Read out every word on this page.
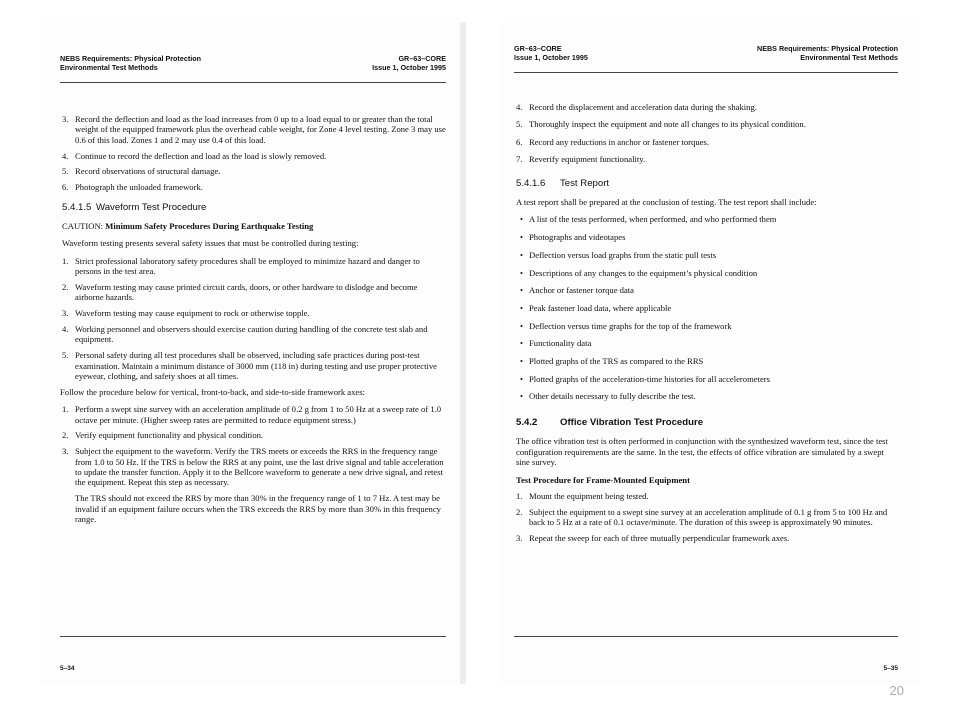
NEBS Requirements: Physical Protection
Environmental Test Methods
GR–63–CORE
Issue 1, October 1995
3. Record the deflection and load as the load increases from 0 up to a load equal to or greater than the total weight of the equipped framework plus the overhead cable weight, for Zone 4 level testing. Zone 3 may use 0.6 of this load. Zones 1 and 2 may use 0.4 of this load.
4. Continue to record the deflection and load as the load is slowly removed.
5. Record observations of structural damage.
6. Photograph the unloaded framework.
5.4.1.5 Waveform Test Procedure
CAUTION: Minimum Safety Procedures During Earthquake Testing
Waveform testing presents several safety issues that must be controlled during testing:
1. Strict professional laboratory safety procedures shall be employed to minimize hazard and danger to persons in the test area.
2. Waveform testing may cause printed circuit cards, doors, or other hardware to dislodge and become airborne hazards.
3. Waveform testing may cause equipment to rock or otherwise topple.
4. Working personnel and observers should exercise caution during handling of the concrete test slab and equipment.
5. Personal safety during all test procedures shall be observed, including safe practices during post-test examination. Maintain a minimum distance of 3000 mm (118 in) during testing and use proper protective eyewear, clothing, and safety shoes at all times.
Follow the procedure below for vertical, front-to-back, and side-to-side framework axes:
1. Perform a swept sine survey with an acceleration amplitude of 0.2 g from 1 to 50 Hz at a sweep rate of 1.0 octave per minute. (Higher sweep rates are permitted to reduce equipment stress.)
2. Verify equipment functionality and physical condition.
3. Subject the equipment to the waveform. Verify the TRS meets or exceeds the RRS in the frequency range from 1.0 to 50 Hz. If the TRS is below the RRS at any point, use the last drive signal and table acceleration to update the transfer function. Apply it to the Bellcore waveform to generate a new drive signal, and retest the equipment. Repeat this step as necessary.
The TRS should not exceed the RRS by more than 30% in the frequency range of 1 to 7 Hz. A test may be invalid if an equipment failure occurs when the TRS exceeds the RRS by more than 30% in this frequency range.
5–34
GR–63–CORE
Issue 1, October 1995
NEBS Requirements: Physical Protection
Environmental Test Methods
4. Record the displacement and acceleration data during the shaking.
5. Thoroughly inspect the equipment and note all changes to its physical condition.
6. Record any reductions in anchor or fastener torques.
7. Reverify equipment functionality.
5.4.1.6	Test Report
A test report shall be prepared at the conclusion of testing. The test report shall include:
• A list of the tests performed, when performed, and who performed them
• Photographs and videotapes
• Deflection versus load graphs from the static pull tests
• Descriptions of any changes to the equipment’s physical condition
• Anchor or fastener torque data
• Peak fastener load data, where applicable
• Deflection versus time graphs for the top of the framework
• Functionality data
• Plotted graphs of the TRS as compared to the RRS
• Plotted graphs of the acceleration-time histories for all accelerometers
• Other details necessary to fully describe the test.
5.4.2	Office Vibration Test Procedure
The office vibration test is often performed in conjunction with the synthesized waveform test, since the test configuration requirements are the same. In the test, the effects of office vibration are simulated by a swept sine survey.
Test Procedure for Frame-Mounted Equipment
1. Mount the equipment being tested.
2. Subject the equipment to a swept sine survey at an acceleration amplitude of 0.1 g from 5 to 100 Hz and back to 5 Hz at a rate of 0.1 octave/minute. The duration of this sweep is approximately 90 minutes.
3. Repeat the sweep for each of three mutually perpendicular framework axes.
5–35
20
